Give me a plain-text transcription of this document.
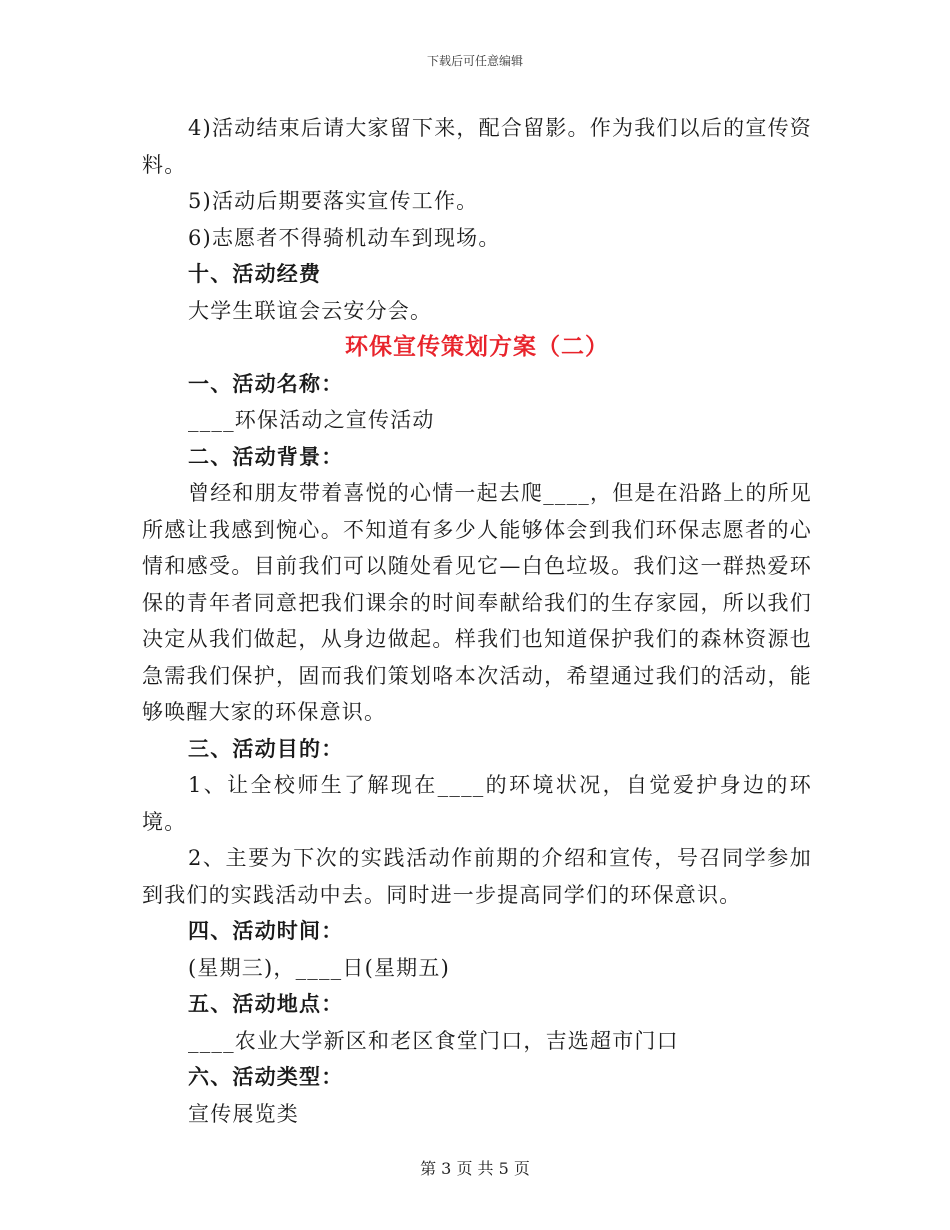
下载后可任意编辑

4)活动结束后请大家留下来，配合留影。作为我们以后的宣传资料。

5)活动后期要落实宣传工作。

6)志愿者不得骑机动车到现场。

十、活动经费

大学生联谊会云安分会。

环保宣传策划方案（二）

一、活动名称：

____环保活动之宣传活动

二、活动背景：

曾经和朋友带着喜悦的心情一起去爬____，但是在沿路上的所见所感让我感到惋心。不知道有多少人能够体会到我们环保志愿者的心情和感受。目前我们可以随处看见它—白色垃圾。我们这一群热爱环保的青年者同意把我们课余的时间奉献给我们的生存家园，所以我们决定从我们做起，从身边做起。样我们也知道保护我们的森林资源也急需我们保护，固而我们策划咯本次活动，希望通过我们的活动，能够唤醒大家的环保意识。

三、活动目的：

1、让全校师生了解现在____的环境状况，自觉爱护身边的环境。

2、主要为下次的实践活动作前期的介绍和宣传，号召同学参加到我们的实践活动中去。同时进一步提高同学们的环保意识。

四、活动时间：

(星期三)，____日(星期五)

五、活动地点：

____农业大学新区和老区食堂门口，吉选超市门口

六、活动类型：

宣传展览类

第 3 页 共 5 页
